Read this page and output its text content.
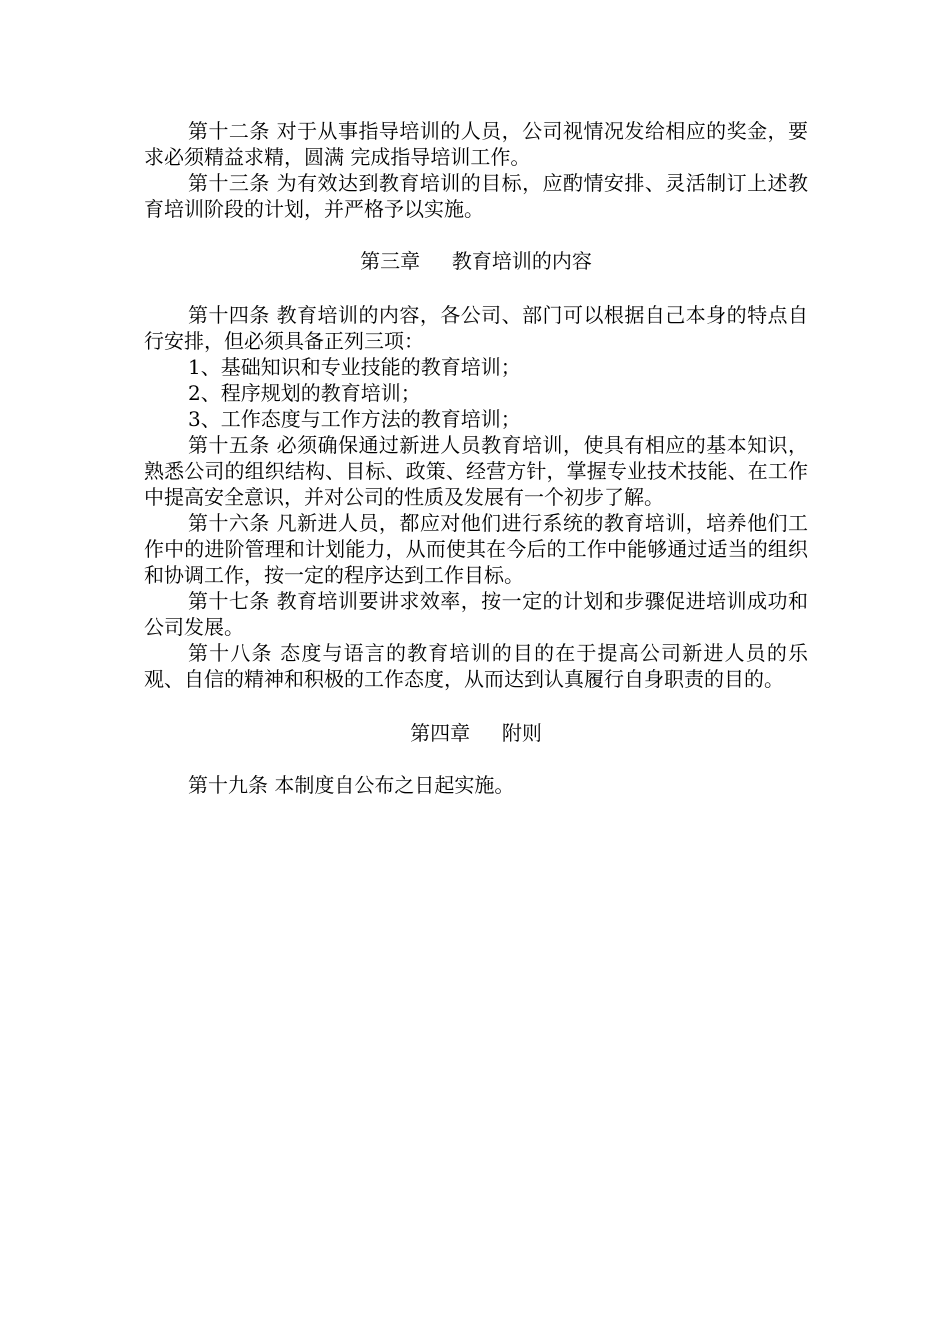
第十二条 对于从事指导培训的人员，公司视情况发给相应的奖金，要求必须精益求精，圆满 完成指导培训工作。

第十三条 为有效达到教育培训的目标，应酌情安排、灵活制订上述教育培训阶段的计划，并严格予以实施。

第三章     教育培训的内容

第十四条 教育培训的内容，各公司、部门可以根据自己本身的特点自行安排，但必须具备正列三项：

1、基础知识和专业技能的教育培训；

2、程序规划的教育培训；

3、工作态度与工作方法的教育培训；

第十五条 必须确保通过新进人员教育培训，使具有相应的基本知识，熟悉公司的组织结构、目标、政策、经营方针，掌握专业技术技能、在工作中提高安全意识，并对公司的性质及发展有一个初步了解。

第十六条 凡新进人员，都应对他们进行系统的教育培训，培养他们工作中的进阶管理和计划能力，从而使其在今后的工作中能够通过适当的组织和协调工作，按一定的程序达到工作目标。

第十七条 教育培训要讲求效率，按一定的计划和步骤促进培训成功和公司发展。

第十八条 态度与语言的教育培训的目的在于提高公司新进人员的乐观、自信的精神和积极的工作态度，从而达到认真履行自身职责的目的。

第四章     附则

第十九条 本制度自公布之日起实施。
